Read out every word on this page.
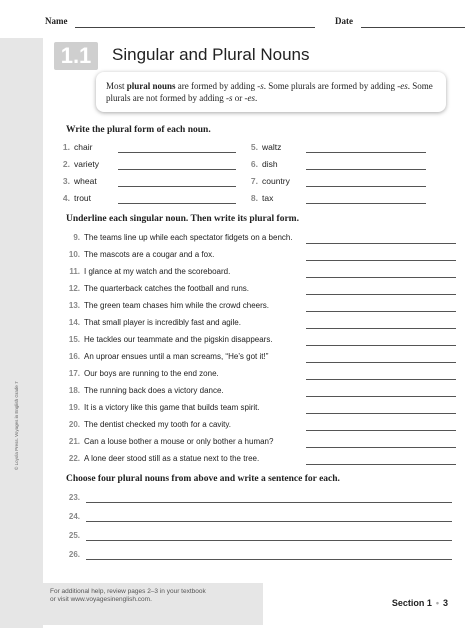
Name	Date
© Loyola Press. Voyages in English Grade 7
1.1	Singular and Plural Nouns
Most plural nouns are formed by adding -s. Some plurals are formed by adding -es. Some plurals are not formed by adding -s or -es.
Write the plural form of each noun.
1. chair
2. variety
3. wheat
4. trout
5. waltz
6. dish
7. country
8. tax
Underline each singular noun. Then write its plural form.
9. The teams line up while each spectator fidgets on a bench.
10. The mascots are a cougar and a fox.
11. I glance at my watch and the scoreboard.
12. The quarterback catches the football and runs.
13. The green team chases him while the crowd cheers.
14. That small player is incredibly fast and agile.
15. He tackles our teammate and the pigskin disappears.
16. An uproar ensues until a man screams, “He’s got it!”
17. Our boys are running to the end zone.
18. The running back does a victory dance.
19. It is a victory like this game that builds team spirit.
20. The dentist checked my tooth for a cavity.
21. Can a louse bother a mouse or only bother a human?
22. A lone deer stood still as a statue next to the tree.
Choose four plural nouns from above and write a sentence for each.
23.
24.
25.
26.
For additional help, review pages 2–3 in your textbook
or visit www.voyagesinenglish.com.	Section 1 • 3
